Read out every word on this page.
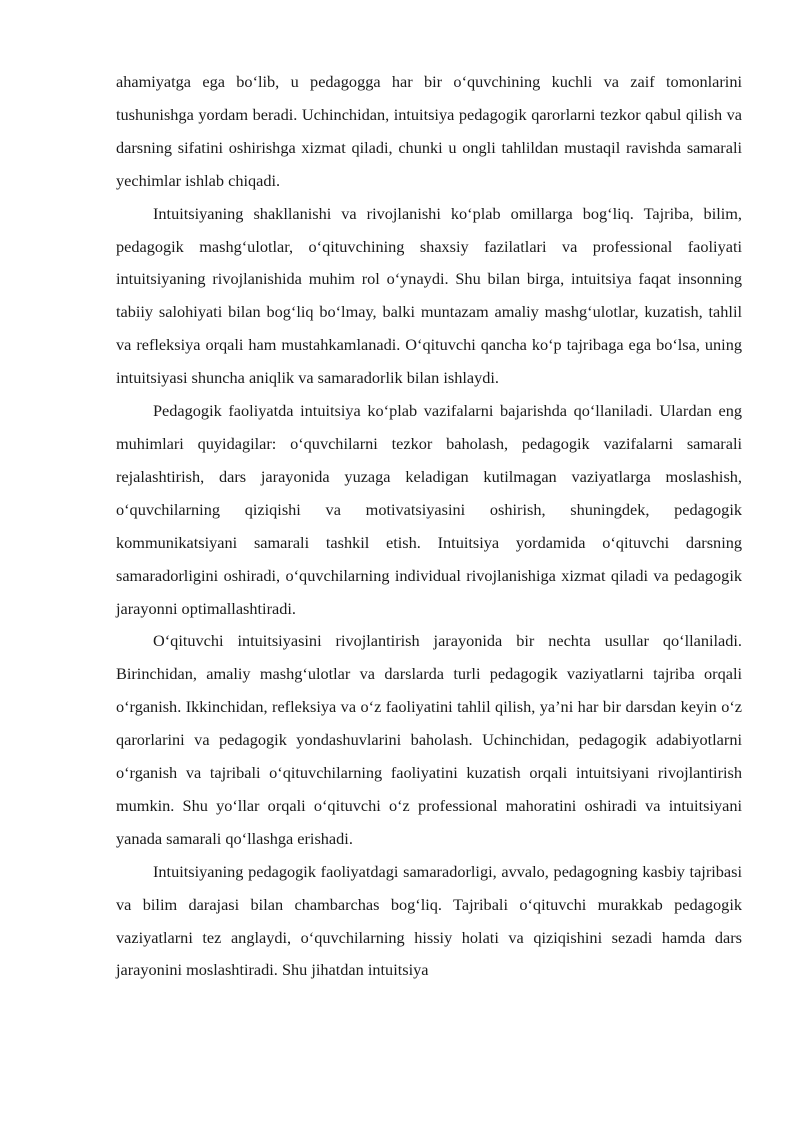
ahamiyatga ega bo‘lib, u pedagogga har bir o‘quvchining kuchli va zaif tomonlarini tushunishga yordam beradi. Uchinchidan, intuitsiya pedagogik qarorlarni tezkor qabul qilish va darsning sifatini oshirishga xizmat qiladi, chunki u ongli tahlildan mustaqil ravishda samarali yechimlar ishlab chiqadi.

Intuitsiyaning shakllanishi va rivojlanishi ko‘plab omillarga bog‘liq. Tajriba, bilim, pedagogik mashg‘ulotlar, o‘qituvchining shaxsiy fazilatlari va professional faoliyati intuitsiyaning rivojlanishida muhim rol o‘ynaydi. Shu bilan birga, intuitsiya faqat insonning tabiiy salohiyati bilan bog‘liq bo‘lmay, balki muntazam amaliy mashg‘ulotlar, kuzatish, tahlil va refleksiya orqali ham mustahkamlanadi. O‘qituvchi qancha ko‘p tajribaga ega bo‘lsa, uning intuitsiyasi shuncha aniqlik va samaradorlik bilan ishlaydi.

Pedagogik faoliyatda intuitsiya ko‘plab vazifalarni bajarishda qo‘llaniladi. Ulardan eng muhimlari quyidagilar: o‘quvchilarni tezkor baholash, pedagogik vazifalarni samarali rejalashtirish, dars jarayonida yuzaga keladigan kutilmagan vaziyatlarga moslashish, o‘quvchilarning qiziqishi va motivatsiyasini oshirish, shuningdek, pedagogik kommunikatsiyani samarali tashkil etish. Intuitsiya yordamida o‘qituvchi darsning samaradorligini oshiradi, o‘quvchilarning individual rivojlanishiga xizmat qiladi va pedagogik jarayonni optimallashtiradi.

O‘qituvchi intuitsiyasini rivojlantirish jarayonida bir nechta usullar qo‘llaniladi. Birinchidan, amaliy mashg‘ulotlar va darslarda turli pedagogik vaziyatlarni tajriba orqali o‘rganish. Ikkinchidan, refleksiya va o‘z faoliyatini tahlil qilish, ya’ni har bir darsdan keyin o‘z qarorlarini va pedagogik yondashuvlarini baholash. Uchinchidan, pedagogik adabiyotlarni o‘rganish va tajribali o‘qituvchilarning faoliyatini kuzatish orqali intuitsiyani rivojlantirish mumkin. Shu yo‘llar orqali o‘qituvchi o‘z professional mahoratini oshiradi va intuitsiyani yanada samarali qo‘llashga erishadi.

Intuitsiyaning pedagogik faoliyatdagi samaradorligi, avvalo, pedagogning kasbiy tajribasi va bilim darajasi bilan chambarchas bog‘liq. Tajribali o‘qituvchi murakkab pedagogik vaziyatlarni tez anglaydi, o‘quvchilarning hissiy holati va qiziqishini sezadi hamda dars jarayonini moslashtiradi. Shu jihatdan intuitsiya
